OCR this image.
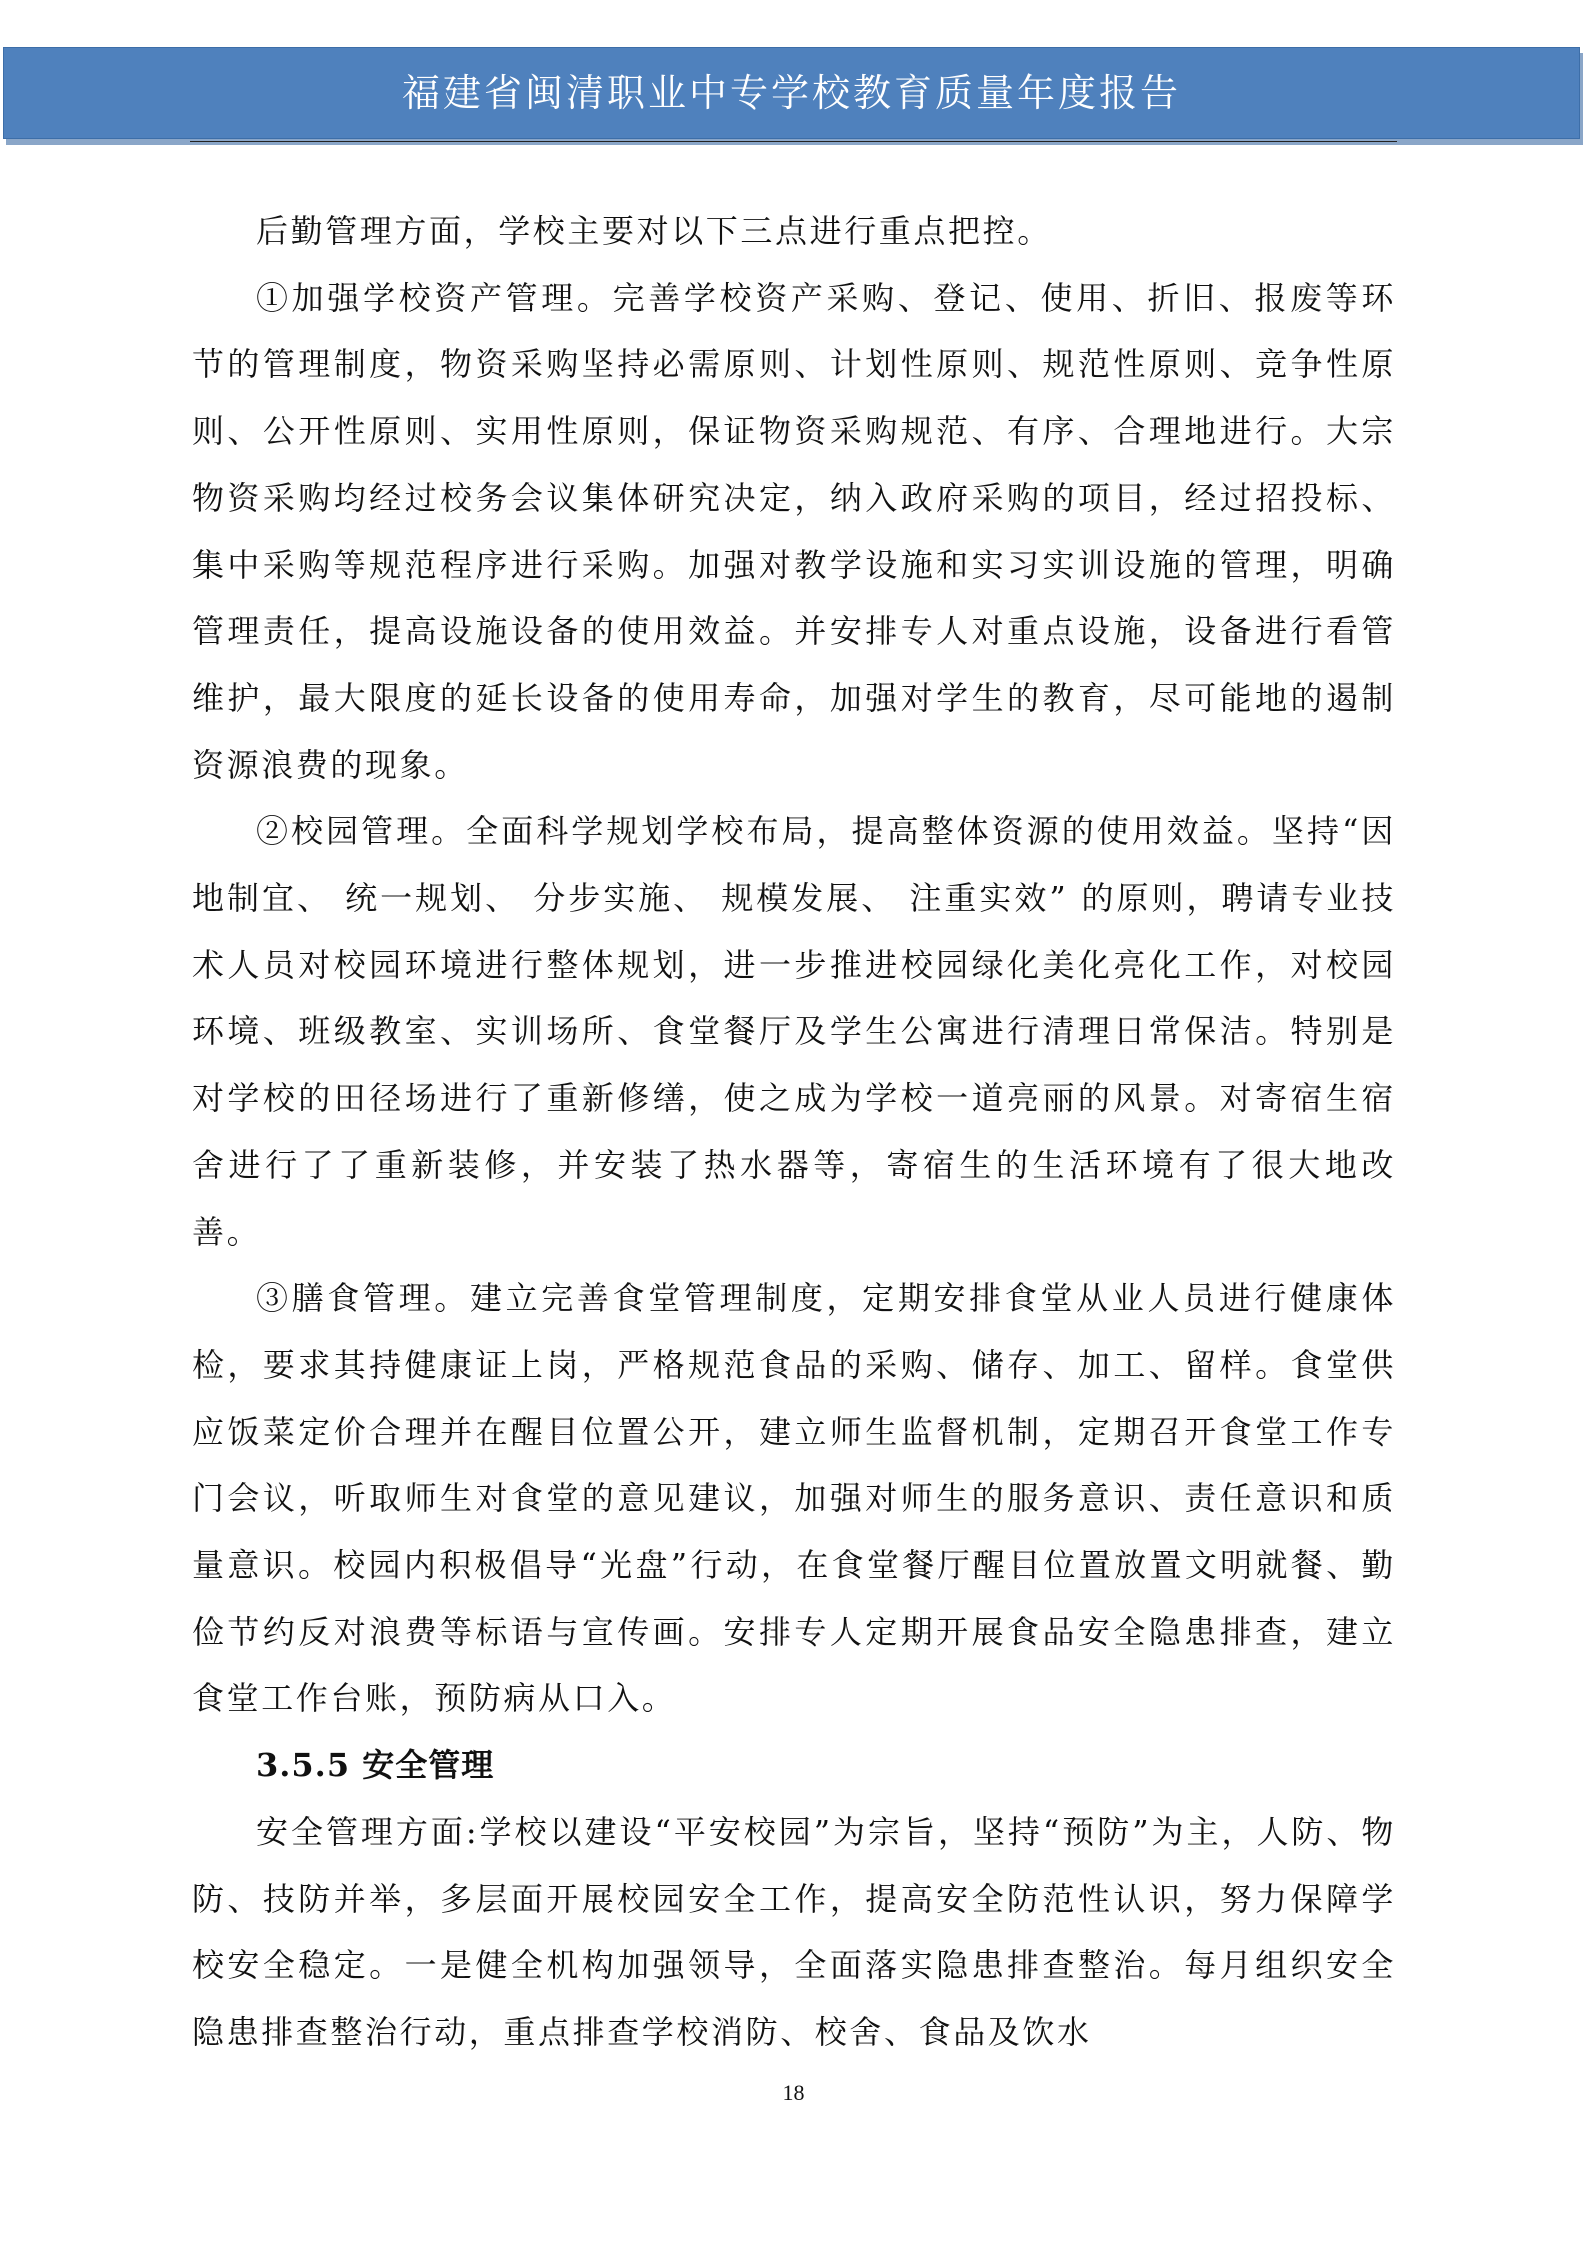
福建省闽清职业中专学校教育质量年度报告

后勤管理方面，学校主要对以下三点进行重点把控。

①加强学校资产管理。完善学校资产采购、登记、使用、折旧、报废等环节的管理制度，物资采购坚持必需原则、计划性原则、规范性原则、竞争性原则、公开性原则、实用性原则，保证物资采购规范、有序、合理地进行。大宗物资采购均经过校务会议集体研究决定，纳入政府采购的项目，经过招投标、集中采购等规范程序进行采购。加强对教学设施和实习实训设施的管理，明确管理责任，提高设施设备的使用效益。并安排专人对重点设施，设备进行看管维护，最大限度的延长设备的使用寿命，加强对学生的教育，尽可能地的遏制资源浪费的现象。

②校园管理。全面科学规划学校布局，提高整体资源的使用效益。坚持“因地制宜、 统一规划、 分步实施、 规模发展、 注重实效” 的原则，聘请专业技术人员对校园环境进行整体规划，进一步推进校园绿化美化亮化工作，对校园环境、班级教室、实训场所、食堂餐厅及学生公寓进行清理日常保洁。特别是对学校的田径场进行了重新修缮，使之成为学校一道亮丽的风景。对寄宿生宿舍进行了了重新装修，并安装了热水器等，寄宿生的生活环境有了很大地改善。

③膳食管理。建立完善食堂管理制度，定期安排食堂从业人员进行健康体检，要求其持健康证上岗，严格规范食品的采购、储存、加工、留样。食堂供应饭菜定价合理并在醒目位置公开，建立师生监督机制，定期召开食堂工作专门会议，听取师生对食堂的意见建议，加强对师生的服务意识、责任意识和质量意识。校园内积极倡导“光盘”行动，在食堂餐厅醒目位置放置文明就餐、勤俭节约反对浪费等标语与宣传画。安排专人定期开展食品安全隐患排查，建立食堂工作台账，预防病从口入。

3.5.5 安全管理

安全管理方面:学校以建设“平安校园”为宗旨，坚持“预防”为主，人防、物防、技防并举，多层面开展校园安全工作，提高安全防范性认识，努力保障学校安全稳定。一是健全机构加强领导，全面落实隐患排查整治。每月组织安全隐患排查整治行动，重点排查学校消防、校舍、食品及饮水

18
